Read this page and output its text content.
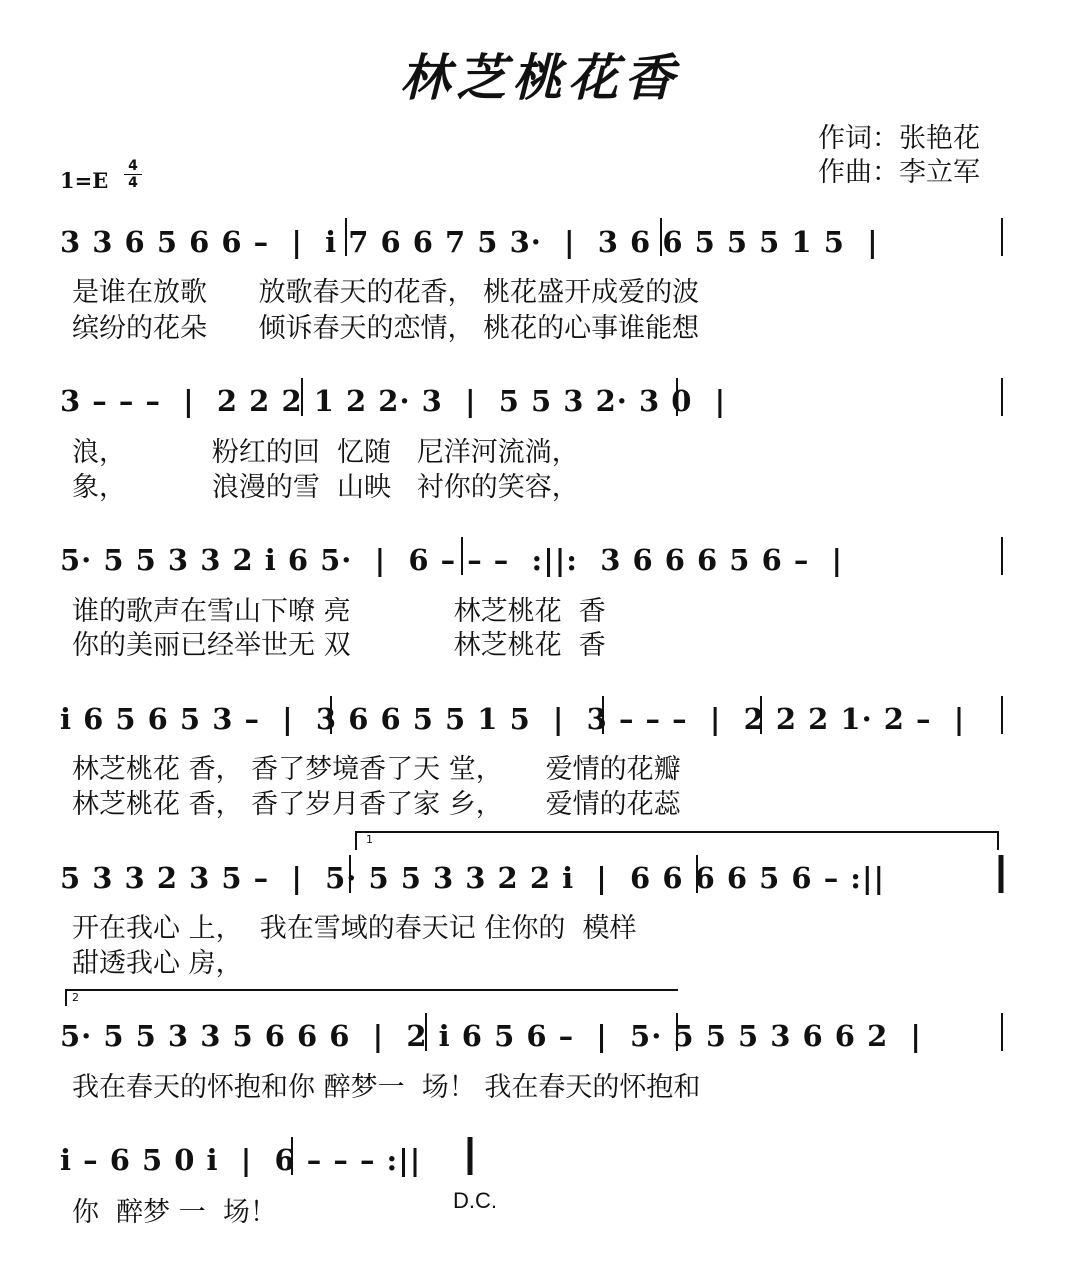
林芝桃花香
作词：张艳花
作曲：李立军
1=E
4
4
3 3 6 5 6 6 –  |  i 7 6 6 7 5 3·  |  3 6 6 5 5 5 1 5  |
是谁在放歌      放歌春天的花香， 桃花盛开成爱的波
缤纷的花朵      倾诉春天的恋情， 桃花的心事谁能想
3 – – –  |  2 2 2 1 2 2· 3  |  5 5 3 2· 3 0  |
浪，          粉红的回  忆随   尼洋河流淌，
象，          浪漫的雪  山映   衬你的笑容，
5· 5 5 3 3 2 i 6 5·  |  6 – – –  :||:  3 6 6 6 5 6 –  |
谁的歌声在雪山下嘹 亮            林芝桃花  香
你的美丽已经举世无 双            林芝桃花  香
i 6 5 6 5 3 –  |  3 6 6 5 5 1 5  |  3 – – –  |  2 2 2 1· 2 –  |
林芝桃花 香， 香了梦境香了天 堂，     爱情的花瓣
林芝桃花 香， 香了岁月香了家 乡，     爱情的花蕊
1
5 3 3 2 3 5 –  |  5· 5 5 3 3 2 2 i  |  6 6 6 6 5 6 – :||
开在我心 上，  我在雪域的春天记 住你的  模样
甜透我心 房，
2
5· 5 5 3 3 5 6 6 6  |  2 i 6 5 6 –  |  5· 5 5 5 3 6 6 2  |
我在春天的怀抱和你 醉梦一  场！ 我在春天的怀抱和
i – 6 5 0 i  |  6 – – – :||
你  醉梦 一  场！	D.C.
